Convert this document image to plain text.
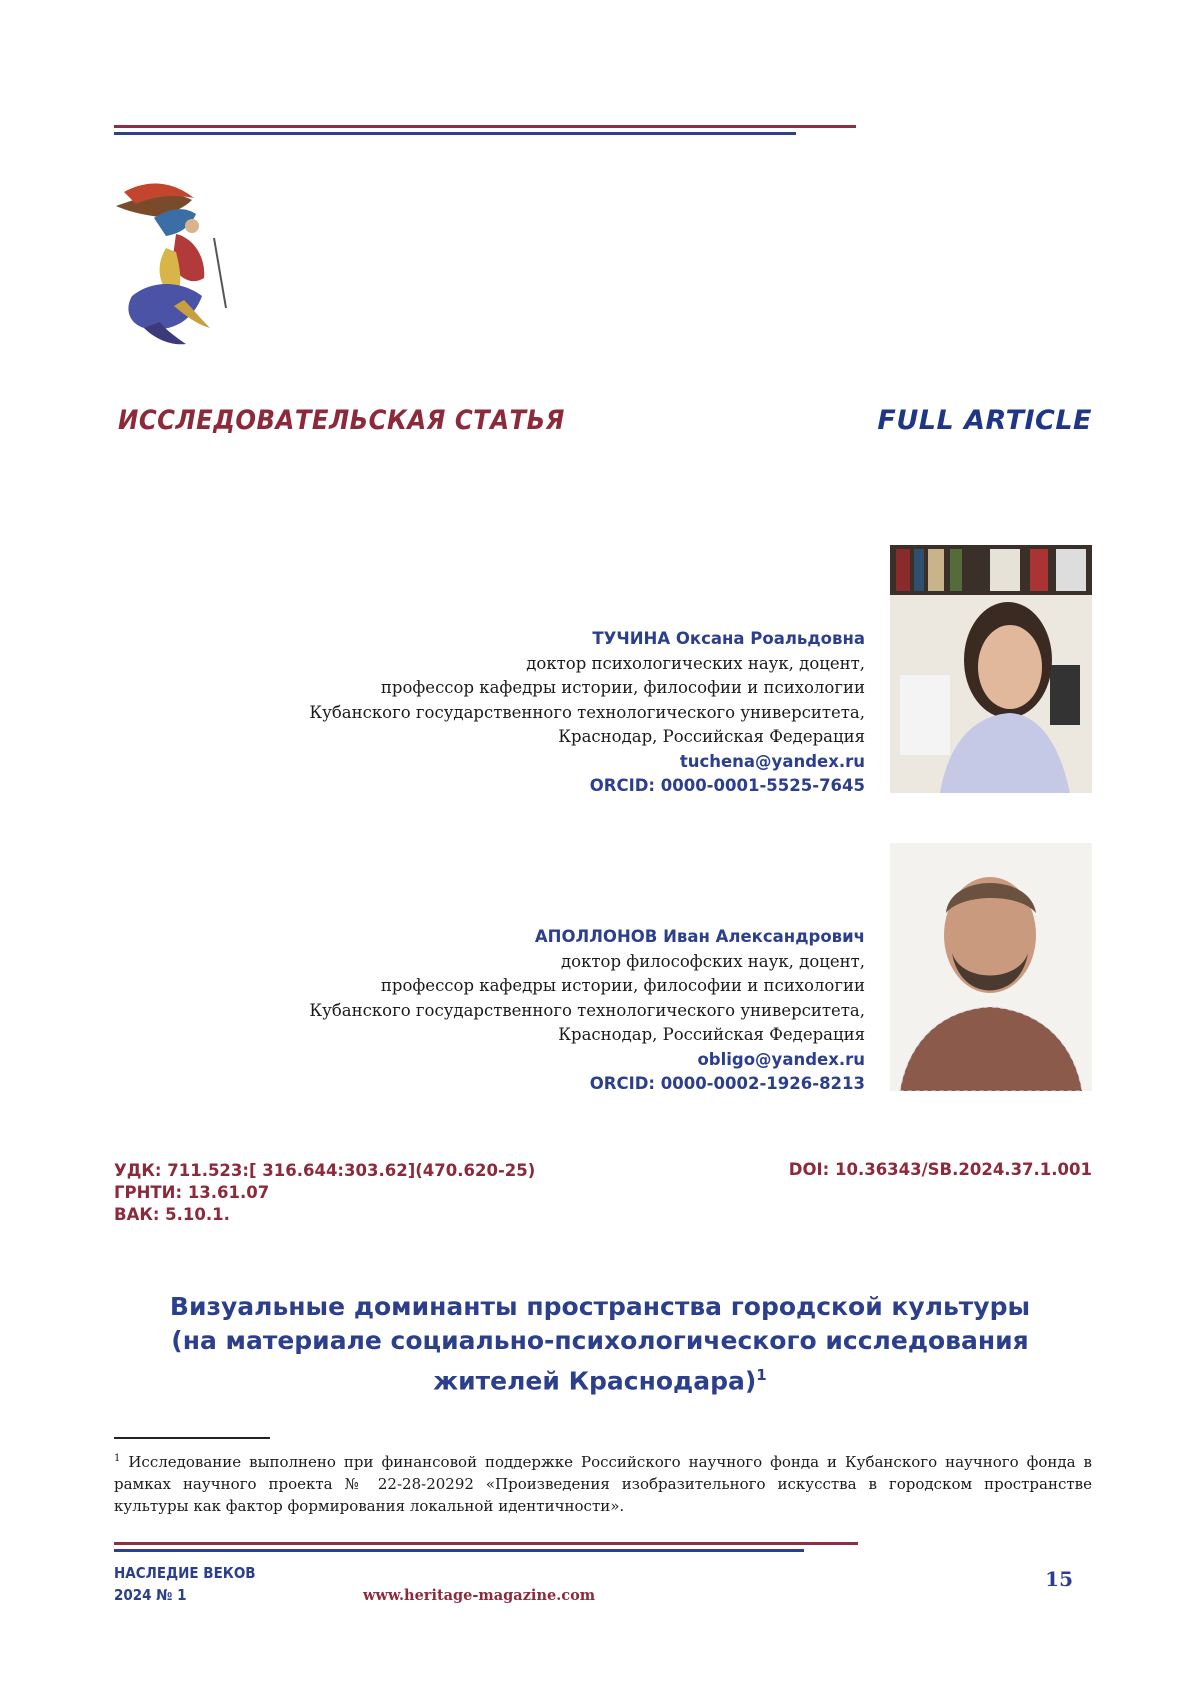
ИССЛЕДОВАТЕЛЬСКАЯ СТАТЬЯ	FULL ARTICLE
ТУЧИНА Оксана Роальдовна
доктор психологических наук, доцент,
профессор кафедры истории, философии и психологии
Кубанского государственного технологического университета,
Краснодар, Российская Федерация
tuchena@yandex.ru
ORCID: 0000-0001-5525-7645
АПОЛЛОНОВ Иван Александрович
доктор философских наук, доцент,
профессор кафедры истории, философии и психологии
Кубанского государственного технологического университета,
Краснодар, Российская Федерация
obligo@yandex.ru
ORCID: 0000-0002-1926-8213
УДК: 711.523:[ 316.644:303.62](470.620-25)
ГРНТИ: 13.61.07
ВАК: 5.10.1.
DOI: 10.36343/SB.2024.37.1.001
Визуальные доминанты пространства городской культуры
(на материале социально-психологического исследования
жителей Краснодара)$^1$
$^1$ Исследование выполнено при финансовой поддержке Российского научного фонда и Кубанского научного фонда в рамках научного проекта № 22-28-20292 «Произведения изобразительного искусства в городском пространстве культуры как фактор формирования локальной идентичности».
НАСЛЕДИЕ ВЕКОВ
2024 № 1	www.heritage-magazine.com
15
